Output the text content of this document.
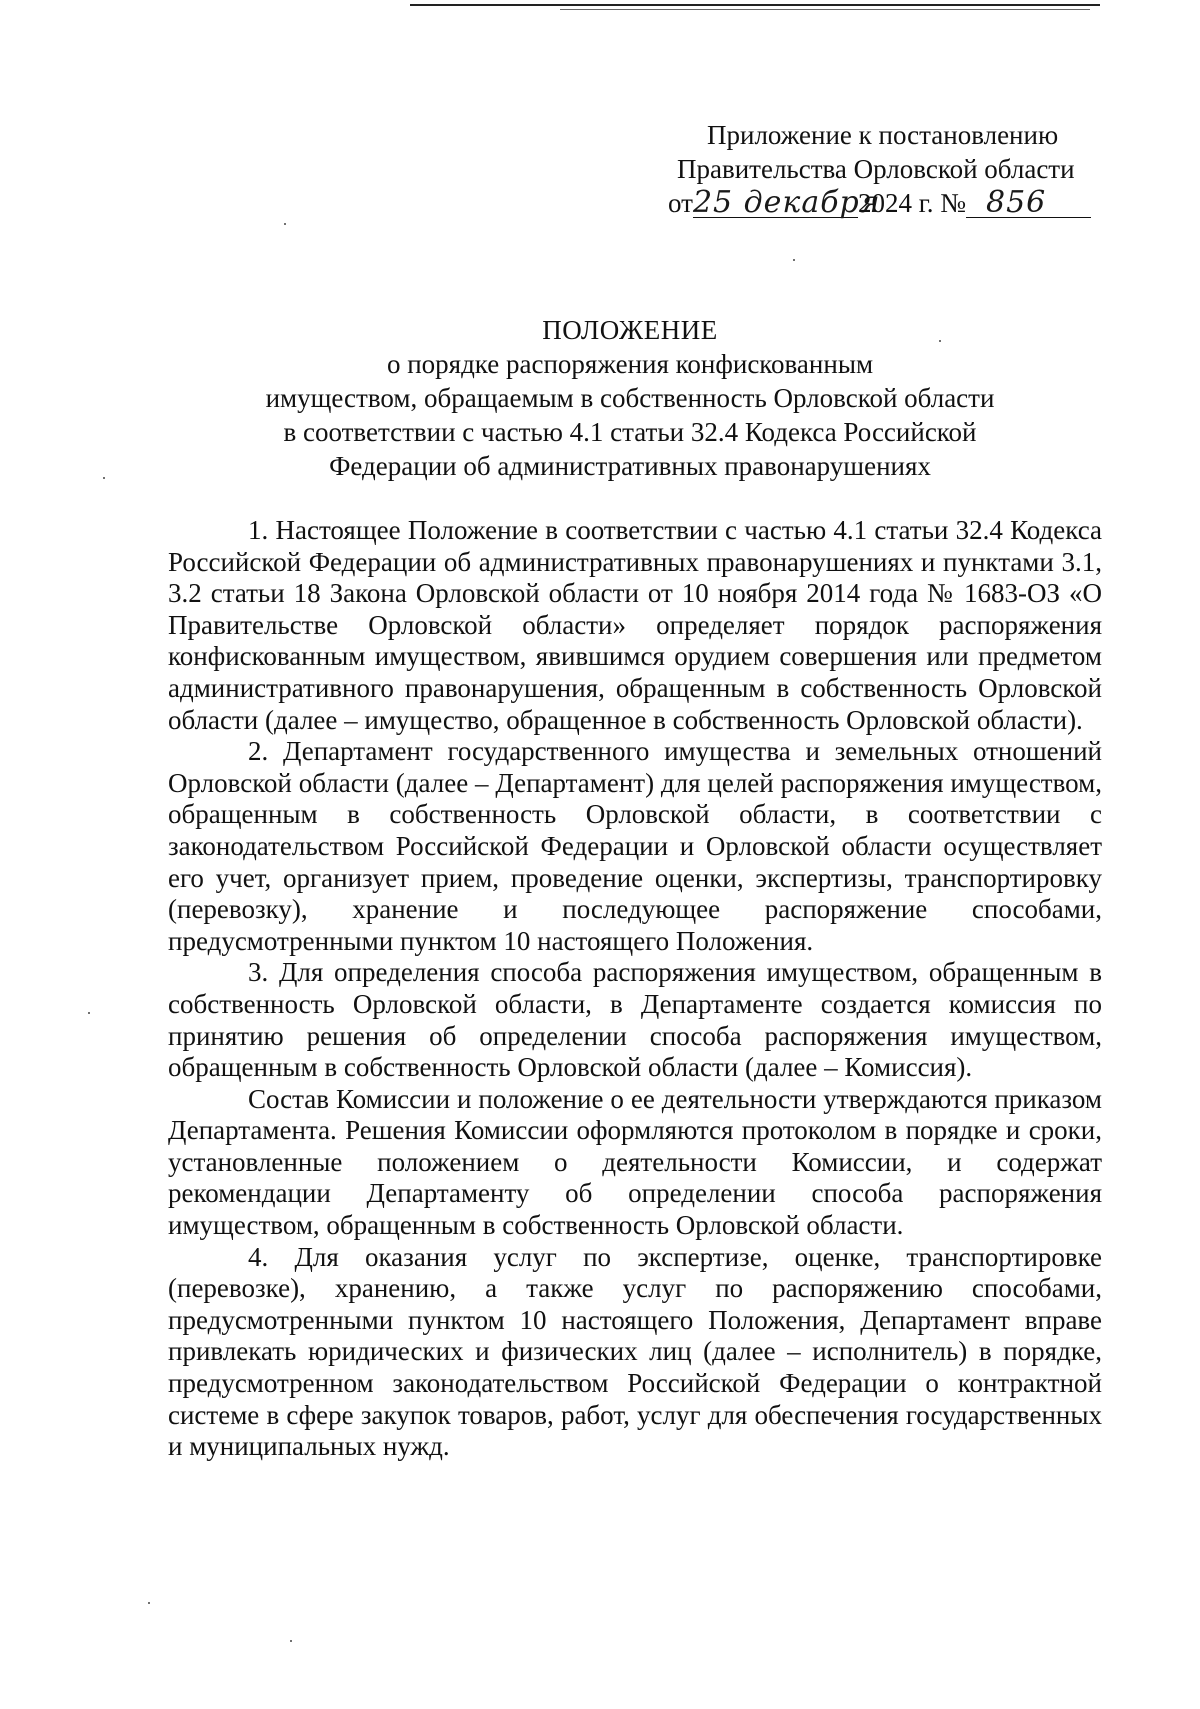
Приложение к постановлению
Правительства Орловской области
от25 декабря2024 г. № 856
ПОЛОЖЕНИЕ
о порядке распоряжения конфискованным
имуществом, обращаемым в собственность Орловской области
в соответствии с частью 4.1 статьи 32.4 Кодекса Российской
Федерации об административных правонарушениях

1. Настоящее Положение в соответствии с частью 4.1 статьи 32.4 Кодекса Российской Федерации об административных правонарушениях и пунктами 3.1, 3.2 статьи 18 Закона Орловской области от 10 ноября 2014 года № 1683-ОЗ «О Правительстве Орловской области» определяет порядок распоряжения конфискованным имуществом, явившимся орудием совершения или предметом административного правонарушения, обращенным в собственность Орловской области (далее – имущество, обращенное в собственность Орловской области).

2. Департамент государственного имущества и земельных отношений Орловской области (далее – Департамент) для целей распоряжения имуществом, обращенным в собственность Орловской области, в соответствии с законодательством Российской Федерации и Орловской области осуществляет его учет, организует прием, проведение оценки, экспертизы, транспортировку (перевозку), хранение и последующее распоряжение способами, предусмотренными пунктом 10 настоящего Положения.

3. Для определения способа распоряжения имуществом, обращенным в собственность Орловской области, в Департаменте создается комиссия по принятию решения об определении способа распоряжения имуществом, обращенным в собственность Орловской области (далее – Комиссия).

Состав Комиссии и положение о ее деятельности утверждаются приказом Департамента. Решения Комиссии оформляются протоколом в порядке и сроки, установленные положением о деятельности Комиссии, и содержат рекомендации Департаменту об определении способа распоряжения имуществом, обращенным в собственность Орловской области.

4. Для оказания услуг по экспертизе, оценке, транспортировке (перевозке), хранению, а также услуг по распоряжению способами, предусмотренными пунктом 10 настоящего Положения, Департамент вправе привлекать юридических и физических лиц (далее – исполнитель) в порядке, предусмотренном законодательством Российской Федерации о контрактной системе в сфере закупок товаров, работ, услуг для обеспечения государственных и муниципальных нужд.
